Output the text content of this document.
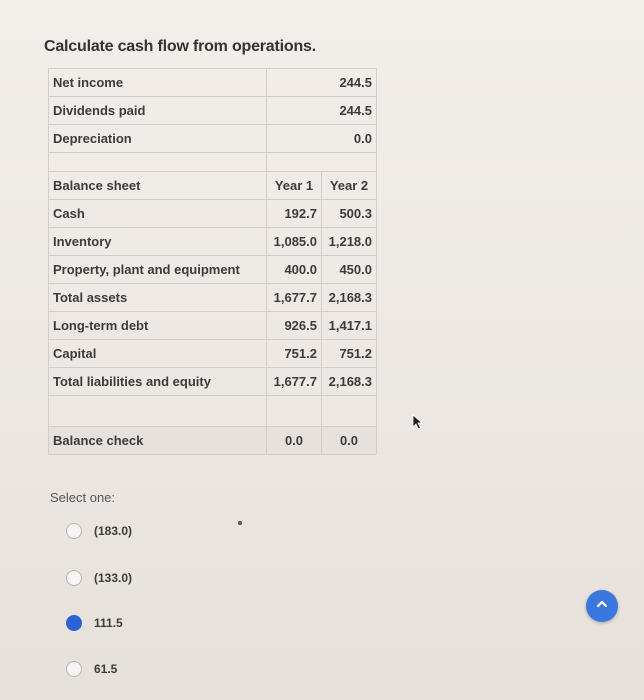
Calculate cash flow from operations.
Net income	244.5	
Dividends paid	244.5	
Depreciation	0.0	

Balance sheet	Year 1	Year 2
Cash	192.7	500.3
Inventory	1,085.0	1,218.0
Property, plant and equipment	400.0	450.0
Total assets	1,677.7	2,168.3
Long-term debt	926.5	1,417.1
Capital	751.2	751.2
Total liabilities and equity	1,677.7	2,168.3

Balance check	0.0	0.0
Select one:
(183.0)
(133.0)
111.5
61.5
